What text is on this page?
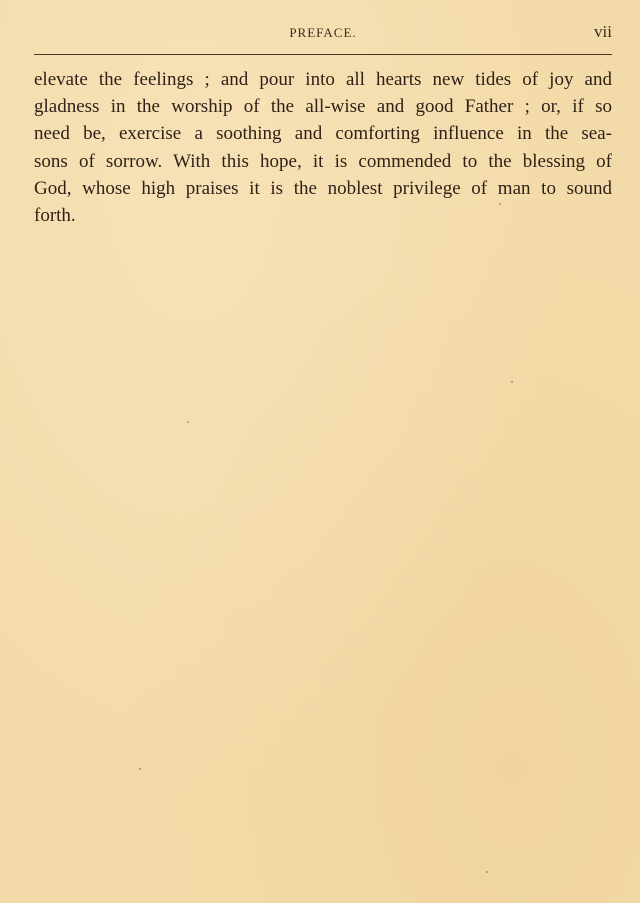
PREFACE.	vii
elevate the feelings ; and pour into all hearts new tides of joy and
gladness in the worship of the all-wise and good Father ; or, if so
need be, exercise a soothing and comforting influence in the sea-
sons of sorrow. With this hope, it is commended to the blessing of
God, whose high praises it is the noblest privilege of man to sound
forth.
